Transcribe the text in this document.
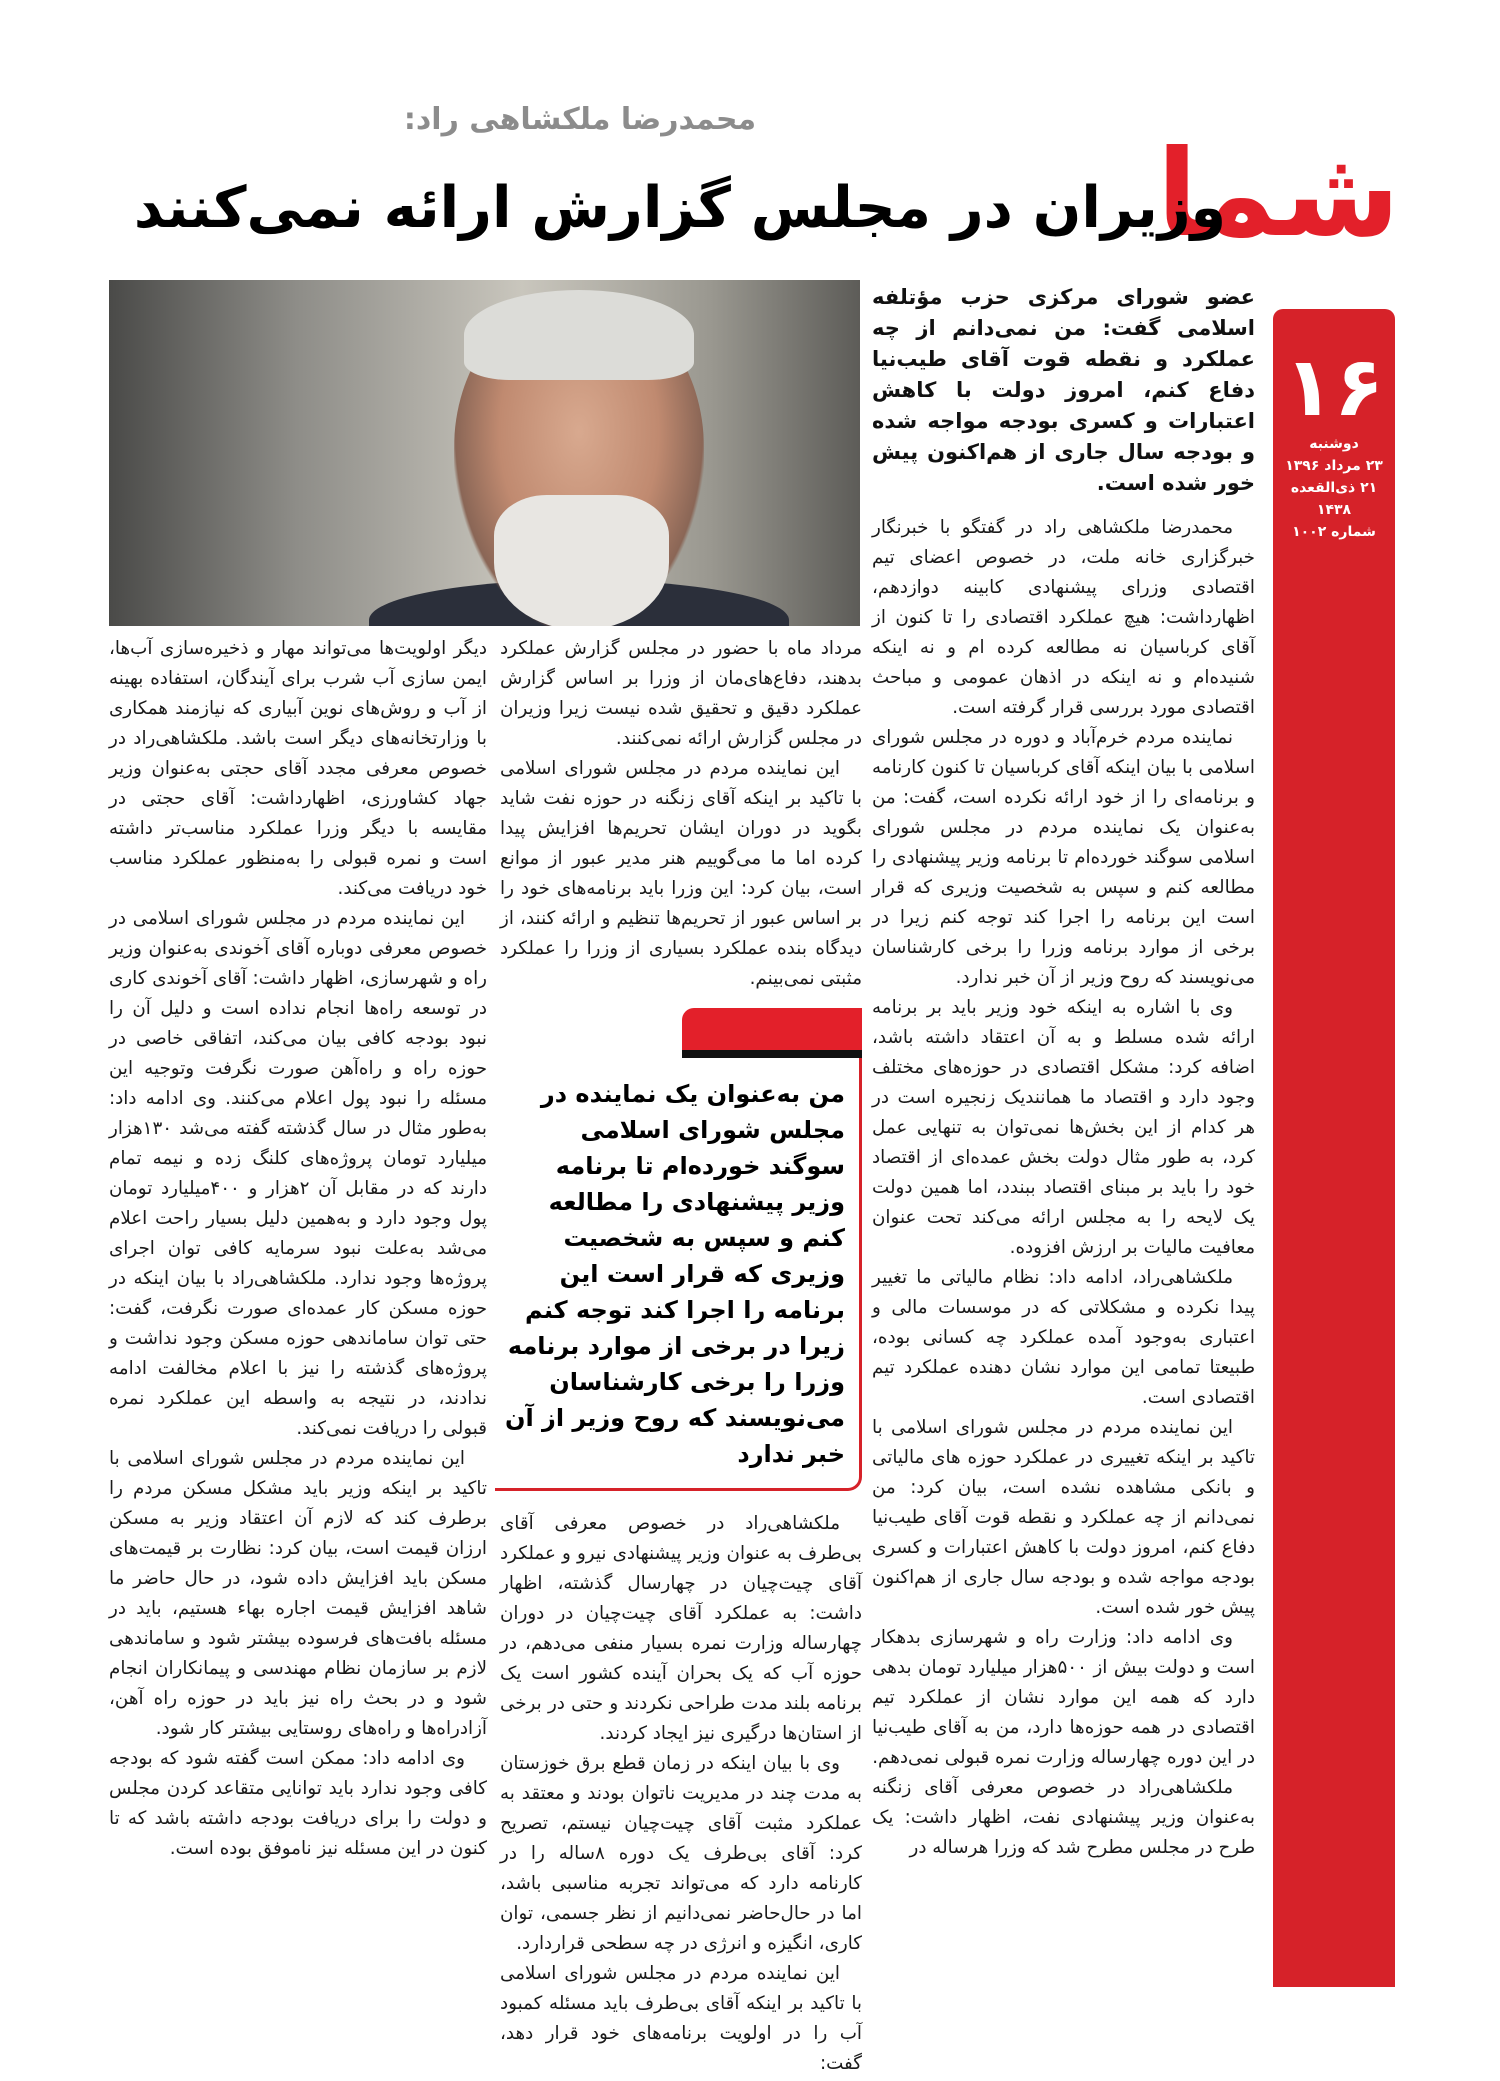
شما
۱۶
دوشنبه
۲۳ مرداد ۱۳۹۶
۲۱ ذی‌القعده ۱۴۳۸
شماره ۱۰۰۲
محمدرضا ملکشاهی راد:
وزیران در مجلس گزارش ارائه نمی‌کنند
عضو شورای مرکزی حزب مؤتلفه اسلامی گفت: من نمی‌دانم از چه عملکرد و نقطه قوت آقای طیب‌نیا دفاع کنم، امروز دولت با کاهش اعتبارات و کسری بودجه مواجه شده و بودجه سال جاری از هم‌اکنون پیش خور شده است.

محمدرضا ملکشاهی راد در گفتگو با خبرنگار خبرگزاری خانه ملت، در خصوص اعضای تیم اقتصادی وزرای پیشنهادی کابینه دوازدهم، اظهارداشت: هیچ عملکرد اقتصادی را تا کنون از آقای کرباسیان نه مطالعه کرده ام و نه اینکه شنیده‌ام و نه اینکه در اذهان عمومی و مباحث اقتصادی مورد بررسی قرار گرفته است.

نماینده مردم خرم‌آباد و دوره در مجلس شورای اسلامی با بیان اینکه آقای کرباسیان تا کنون کارنامه و برنامه‌ای را از خود ارائه نکرده است، گفت: من به‌عنوان یک نماینده مردم در مجلس شورای اسلامی سوگند خورده‌ام تا برنامه وزیر پیشنهادی را مطالعه کنم و سپس به شخصیت وزیری که قرار است این برنامه را اجرا کند توجه کنم زیرا در برخی از موارد برنامه وزرا را برخی کارشناسان می‌نویسند که روح وزیر از آن خبر ندارد.

وی با اشاره به اینکه خود وزیر باید بر برنامه ارائه شده مسلط و به آن اعتقاد داشته باشد، اضافه کرد: مشکل اقتصادی در حوزه‌های مختلف وجود دارد و اقتصاد ما همانندیک زنجیره است در هر کدام از این بخش‌ها نمی‌توان به تنهایی عمل کرد، به طور مثال دولت بخش عمده‌ای از اقتصاد خود را باید بر مبنای اقتصاد ببندد، اما همین دولت یک لایحه را به مجلس ارائه می‌کند تحت عنوان معافیت مالیات بر ارزش افزوده.

ملکشاهی‌راد، ادامه داد: نظام مالیاتی ما تغییر پیدا نکرده و مشکلاتی که در موسسات مالی و اعتباری به‌وجود آمده عملکرد چه کسانی بوده، طبیعتا تمامی این موارد نشان دهنده عملکرد تیم اقتصادی است.

این نماینده مردم در مجلس شورای اسلامی با تاکید بر اینکه تغییری در عملکرد حوزه های مالیاتی و بانکی مشاهده نشده است، بیان کرد: من نمی‌دانم از چه عملکرد و نقطه قوت آقای طیب‌نیا دفاع کنم، امروز دولت با کاهش اعتبارات و کسری بودجه مواجه شده و بودجه سال جاری از هم‌اکنون پیش خور شده است.

وی ادامه داد: وزارت راه و شهرسازی بدهکار است و دولت بیش از ۵۰۰هزار میلیارد تومان بدهی دارد که همه این موارد نشان از عملکرد تیم اقتصادی در همه حوزه‌ها دارد، من به آقای طیب‌نیا در این دوره چهارساله وزارت نمره قبولی نمی‌دهم.

ملکشاهی‌راد در خصوص معرفی آقای زنگنه به‌عنوان وزیر پیشنهادی نفت، اظهار داشت: یک طرح در مجلس مطرح شد که وزرا هرساله در

مرداد ماه با حضور در مجلس گزارش عملکرد بدهند، دفاع‌های‌مان از وزرا بر اساس گزارش عملکرد دقیق و تحقیق شده نیست زیرا وزیران در مجلس گزارش ارائه نمی‌کنند.

این نماینده مردم در مجلس شورای اسلامی با تاکید بر اینکه آقای زنگنه در حوزه نفت شاید بگوید در دوران ایشان تحریم‌ها افزایش پیدا کرده اما ما می‌گوییم هنر مدیر عبور از موانع است، بیان کرد: این وزرا باید برنامه‌های خود را بر اساس عبور از تحریم‌ها تنظیم و ارائه کنند، از دیدگاه بنده عملکرد بسیاری از وزرا را عملکرد مثبتی نمی‌بینم.

من به‌عنوان یک نماینده در مجلس شورای اسلامی سوگند خورده‌ام تا برنامه وزیر پیشنهادی را مطالعه کنم و سپس به شخصیت وزیری که قرار است این برنامه را اجرا کند توجه کنم زیرا در برخی از موارد برنامه وزرا را برخی کارشناسان می‌نویسند که روح وزیر از آن خبر ندارد

ملکشاهی‌راد در خصوص معرفی آقای بی‌طرف به عنوان وزیر پیشنهادی نیرو و عملکرد آقای چیت‌چیان در چهارسال گذشته، اظهار داشت: به عملکرد آقای چیت‌چیان در دوران چهارساله وزارت نمره بسیار منفی می‌دهم، در حوزه آب که یک بحران آینده کشور است یک برنامه بلند مدت طراحی نکردند و حتی در برخی از استان‌ها درگیری نیز ایجاد کردند.

وی با بیان اینکه در زمان قطع برق خوزستان به مدت چند در مدیریت ناتوان بودند و معتقد به عملکرد مثبت آقای چیت‌چیان نیستم، تصریح کرد: آقای بی‌طرف یک دوره ۸ساله را در کارنامه دارد که می‌تواند تجربه مناسبی باشد، اما در حال‌حاضر نمی‌دانیم از نظر جسمی، توان کاری، انگیزه و انرژی در چه سطحی قراردارد.

این نماینده مردم در مجلس شورای اسلامی با تاکید بر اینکه آقای بی‌طرف باید مسئله کمبود آب را در اولویت برنامه‌های خود قرار دهد، گفت:

دیگر اولویت‌ها می‌تواند مهار و ذخیره‌سازی آب‌ها، ایمن سازی آب شرب برای آیندگان، استفاده بهینه از آب و روش‌های نوین آبیاری که نیازمند همکاری با وزارتخانه‌های دیگر است باشد. ملکشاهی‌راد در خصوص معرفی مجدد آقای حجتی به‌عنوان وزیر جهاد کشاورزی، اظهارداشت: آقای حجتی در مقایسه با دیگر وزرا عملکرد مناسب‌تر داشته است و نمره قبولی را به‌منظور عملکرد مناسب خود دریافت می‌کند.

این نماینده مردم در مجلس شورای اسلامی در خصوص معرفی دوباره آقای آخوندی به‌عنوان وزیر راه و شهرسازی، اظهار داشت: آقای آخوندی کاری در توسعه راه‌ها انجام نداده است و دلیل آن را نبود بودجه کافی بیان می‌کند، اتفاقی خاصی در حوزه راه و راه‌آهن صورت نگرفت وتوجیه این مسئله را نبود پول اعلام می‌کنند. وی ادامه داد: به‌طور مثال در سال گذشته گفته می‌شد ۱۳۰هزار میلیارد تومان پروژه‌های کلنگ زده و نیمه تمام دارند که در مقابل آن ۲هزار و ۴۰۰میلیارد تومان پول وجود دارد و به‌همین دلیل بسیار راحت اعلام می‌شد به‌علت نبود سرمایه کافی توان اجرای پروژه‌ها وجود ندارد. ملکشاهی‌راد با بیان اینکه در حوزه مسکن کار عمده‌ای صورت نگرفت، گفت: حتی توان ساماندهی حوزه مسکن وجود نداشت و پروژه‌های گذشته را نیز با اعلام مخالفت ادامه ندادند، در نتیجه به واسطه این عملکرد نمره قبولی را دریافت نمی‌کند.

این نماینده مردم در مجلس شورای اسلامی با تاکید بر اینکه وزیر باید مشکل مسکن مردم را برطرف کند که لازم آن اعتقاد وزیر به مسکن ارزان قیمت است، بیان کرد: نظارت بر قیمت‌های مسکن باید افزایش داده شود، در حال حاضر ما شاهد افزایش قیمت اجاره بهاء هستیم، باید در مسئله بافت‌های فرسوده بیشتر شود و ساماندهی لازم بر سازمان نظام مهندسی و پیمانکاران انجام شود و در بحث راه نیز باید در حوزه راه آهن، آزادراه‌ها و راه‌های روستایی بیشتر کار شود.

وی ادامه داد: ممکن است گفته شود که بودجه کافی وجود ندارد باید توانایی متقاعد کردن مجلس و دولت را برای دریافت بودجه داشته باشد که تا کنون در این مسئله نیز ناموفق بوده است.
